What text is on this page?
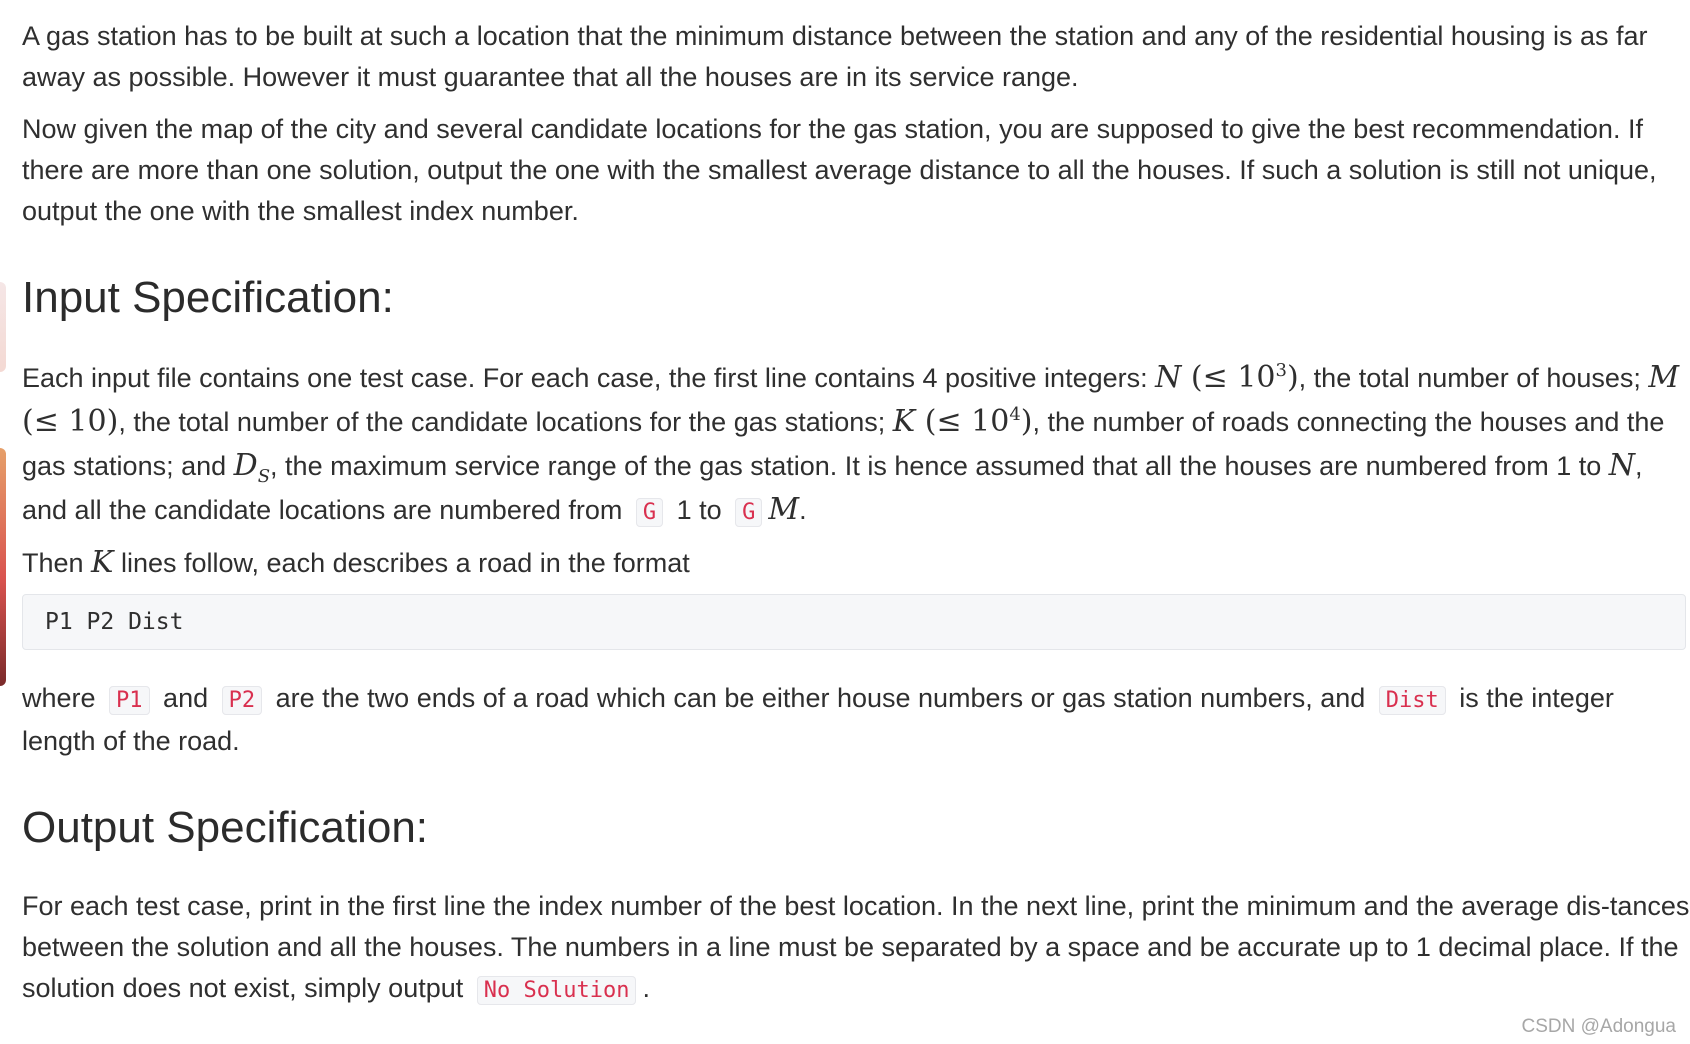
A gas station has to be built at such a location that the minimum distance between the station and any of the residential housing is as far away as possible. However it must guarantee that all the houses are in its service range.

Now given the map of the city and several candidate locations for the gas station, you are supposed to give the best recommendation. If there are more than one solution, output the one with the smallest average distance to all the houses. If such a solution is still not unique, output the one with the smallest index number.

Input Specification:

Each input file contains one test case. For each case, the first line contains 4 positive integers: N (≤ $10^3$), the total number of houses; M (≤ 10), the total number of the candidate locations for the gas stations; K (≤ $10^4$), the number of roads connecting the houses and the gas stations; and $D_S$, the maximum service range of the gas station. It is hence assumed that all the houses are numbered from 1 to N, and all the candidate locations are numbered from G 1 to G M.

Then K lines follow, each describes a road in the format

P1 P2 Dist

where P1 and P2 are the two ends of a road which can be either house numbers or gas station numbers, and Dist is the integer length of the road.

Output Specification:

For each test case, print in the first line the index number of the best location. In the next line, print the minimum and the average dis-tances between the solution and all the houses. The numbers in a line must be separated by a space and be accurate up to 1 decimal place. If the solution does not exist, simply output No Solution .

CSDN @Adongua
